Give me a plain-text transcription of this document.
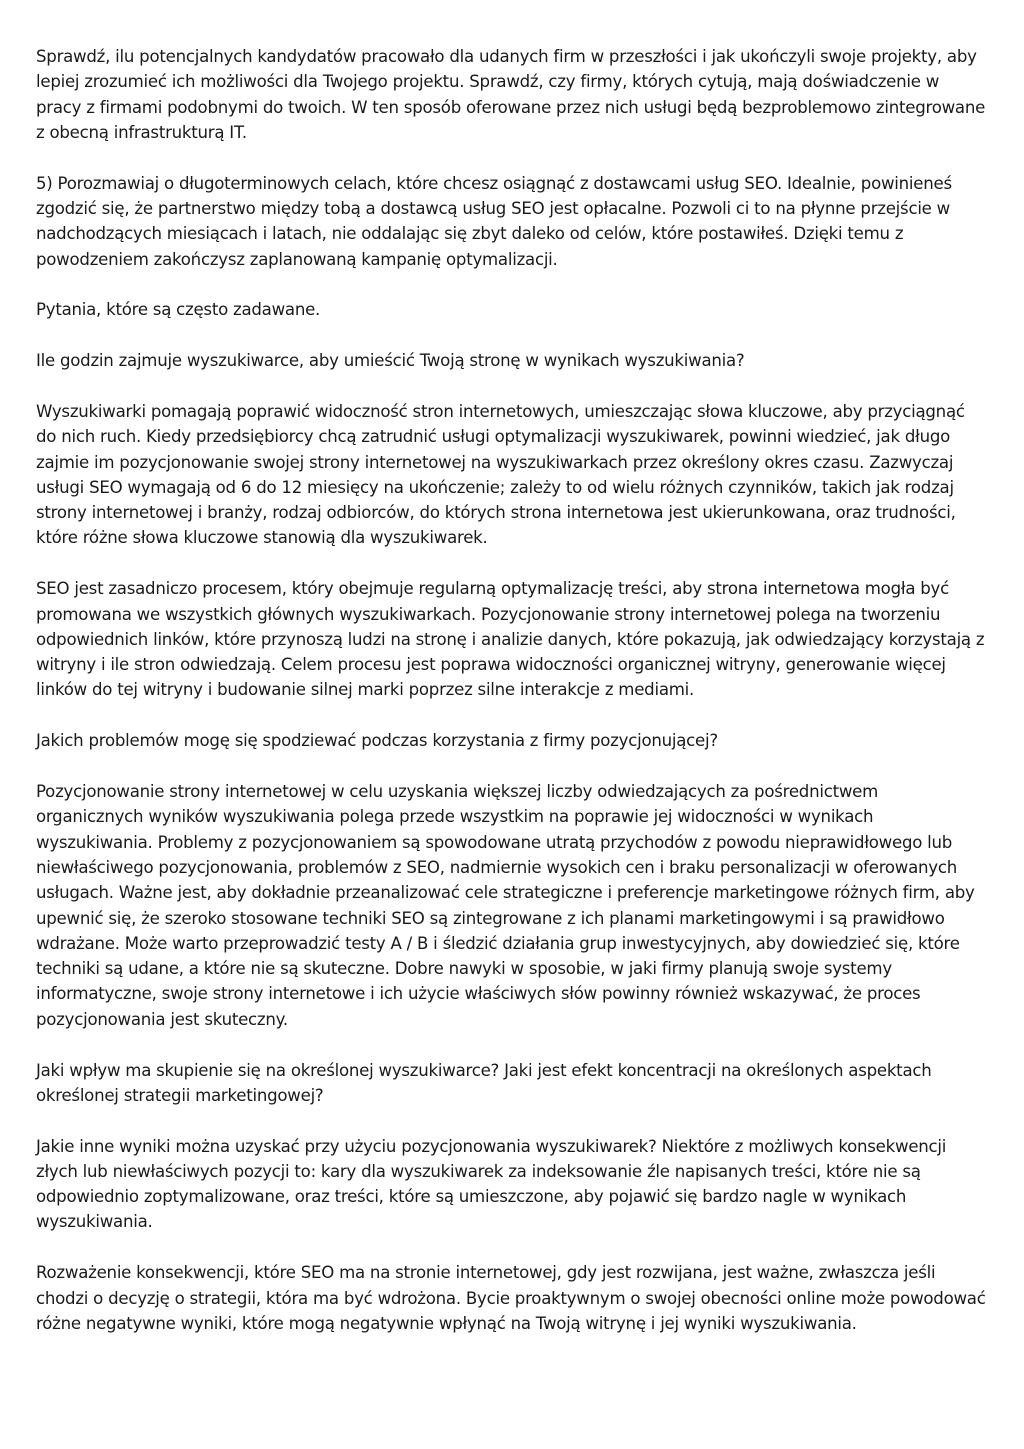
Sprawdź, ilu potencjalnych kandydatów pracowało dla udanych firm w przeszłości i jak ukończyli swoje projekty, aby lepiej zrozumieć ich możliwości dla Twojego projektu. Sprawdź, czy firmy, których cytują, mają doświadczenie w pracy z firmami podobnymi do twoich. W ten sposób oferowane przez nich usługi będą bezproblemowo zintegrowane z obecną infrastrukturą IT.

5) Porozmawiaj o długoterminowych celach, które chcesz osiągnąć z dostawcami usług SEO. Idealnie, powinieneś zgodzić się, że partnerstwo między tobą a dostawcą usług SEO jest opłacalne. Pozwoli ci to na płynne przejście w nadchodzących miesiącach i latach, nie oddalając się zbyt daleko od celów, które postawiłeś. Dzięki temu z powodzeniem zakończysz zaplanowaną kampanię optymalizacji.

Pytania, które są często zadawane.

Ile godzin zajmuje wyszukiwarce, aby umieścić Twoją stronę w wynikach wyszukiwania?

Wyszukiwarki pomagają poprawić widoczność stron internetowych, umieszczając słowa kluczowe, aby przyciągnąć do nich ruch. Kiedy przedsiębiorcy chcą zatrudnić usługi optymalizacji wyszukiwarek, powinni wiedzieć, jak długo zajmie im pozycjonowanie swojej strony internetowej na wyszukiwarkach przez określony okres czasu. Zazwyczaj usługi SEO wymagają od 6 do 12 miesięcy na ukończenie; zależy to od wielu różnych czynników, takich jak rodzaj strony internetowej i branży, rodzaj odbiorców, do których strona internetowa jest ukierunkowana, oraz trudności, które różne słowa kluczowe stanowią dla wyszukiwarek.

SEO jest zasadniczo procesem, który obejmuje regularną optymalizację treści, aby strona internetowa mogła być promowana we wszystkich głównych wyszukiwarkach. Pozycjonowanie strony internetowej polega na tworzeniu odpowiednich linków, które przynoszą ludzi na stronę i analizie danych, które pokazują, jak odwiedzający korzystają z witryny i ile stron odwiedzają. Celem procesu jest poprawa widoczności organicznej witryny, generowanie więcej linków do tej witryny i budowanie silnej marki poprzez silne interakcje z mediami.

Jakich problemów mogę się spodziewać podczas korzystania z firmy pozycjonującej?

Pozycjonowanie strony internetowej w celu uzyskania większej liczby odwiedzających za pośrednictwem organicznych wyników wyszukiwania polega przede wszystkim na poprawie jej widoczności w wynikach wyszukiwania. Problemy z pozycjonowaniem są spowodowane utratą przychodów z powodu nieprawidłowego lub niewłaściwego pozycjonowania, problemów z SEO, nadmiernie wysokich cen i braku personalizacji w oferowanych usługach. Ważne jest, aby dokładnie przeanalizować cele strategiczne i preferencje marketingowe różnych firm, aby upewnić się, że szeroko stosowane techniki SEO są zintegrowane z ich planami marketingowymi i są prawidłowo wdrażane. Może warto przeprowadzić testy A / B i śledzić działania grup inwestycyjnych, aby dowiedzieć się, które techniki są udane, a które nie są skuteczne. Dobre nawyki w sposobie, w jaki firmy planują swoje systemy informatyczne, swoje strony internetowe i ich użycie właściwych słów powinny również wskazywać, że proces pozycjonowania jest skuteczny.

Jaki wpływ ma skupienie się na określonej wyszukiwarce? Jaki jest efekt koncentracji na określonych aspektach określonej strategii marketingowej?

Jakie inne wyniki można uzyskać przy użyciu pozycjonowania wyszukiwarek? Niektóre z możliwych konsekwencji złych lub niewłaściwych pozycji to: kary dla wyszukiwarek za indeksowanie źle napisanych treści, które nie są odpowiednio zoptymalizowane, oraz treści, które są umieszczone, aby pojawić się bardzo nagle w wynikach wyszukiwania.

Rozważenie konsekwencji, które SEO ma na stronie internetowej, gdy jest rozwijana, jest ważne, zwłaszcza jeśli chodzi o decyzję o strategii, która ma być wdrożona. Bycie proaktywnym o swojej obecności online może powodować różne negatywne wyniki, które mogą negatywnie wpłynąć na Twoją witrynę i jej wyniki wyszukiwania.
